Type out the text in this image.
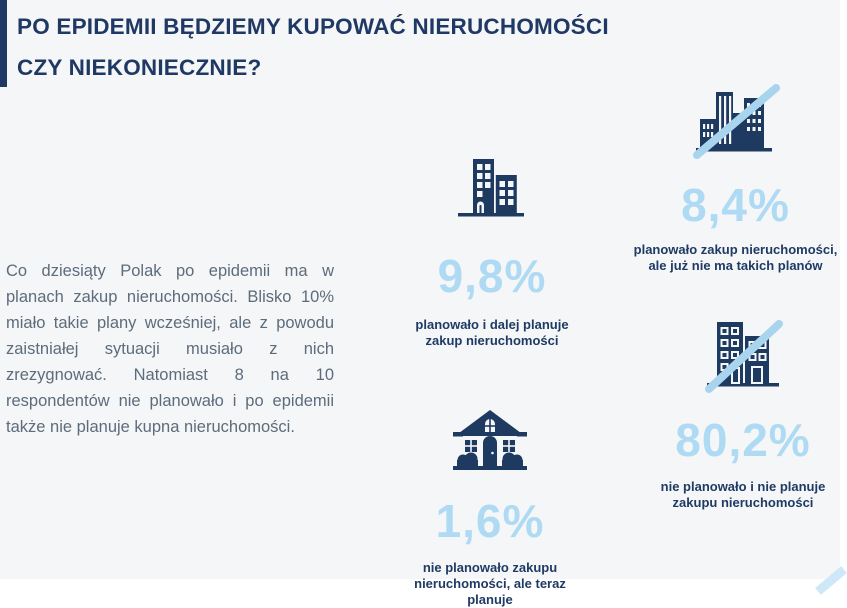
PO EPIDEMII BĘDZIEMY KUPOWAĆ NIERUCHOMOŚCI
CZY NIEKONIECZNIE?

Co dziesiąty Polak po epidemii ma w planach zakup nieruchomości. Blisko 10% miało takie plany wcześniej, ale z powodu zaistniałej sytuacji musiało z nich zrezygnować. Natomiast 8 na 10 respondentów nie planowało i po epidemii także nie planuje kupna nieruchomości.

9,8%
planowało i dalej planuje
zakup nieruchomości
8,4%
planowało zakup nieruchomości,
ale już nie ma takich planów
80,2%
nie planowało i nie planuje
zakupu nieruchomości
1,6%
nie planowało zakupu
nieruchomości, ale teraz planuje
